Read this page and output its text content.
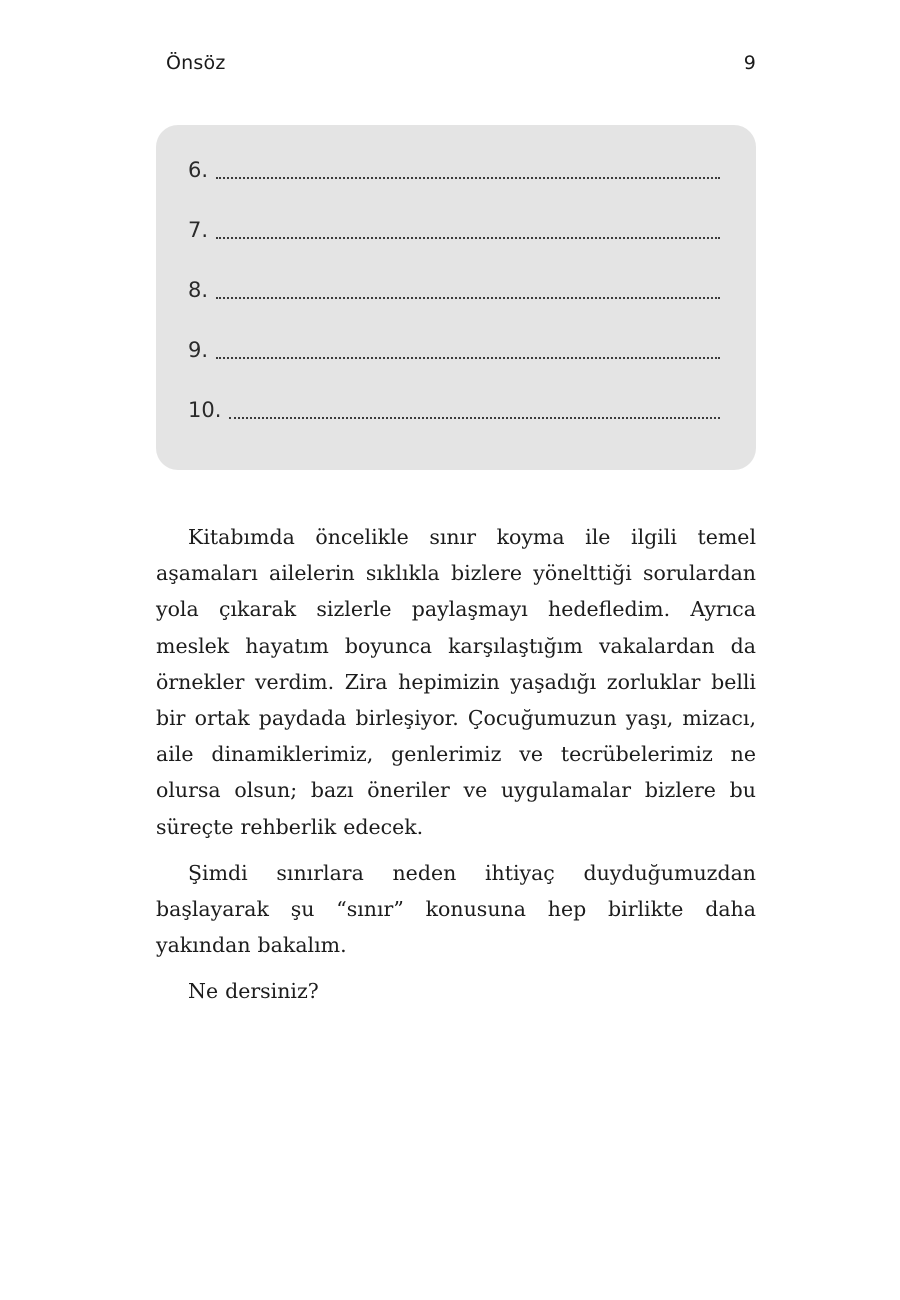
Önsöz	9
6.
7.
8.
9.
10.

Kitabımda öncelikle sınır koyma ile ilgili temel aşamaları ailelerin sıklıkla bizlere yönelttiği sorulardan yola çıkarak sizlerle paylaşmayı hedefledim. Ayrıca meslek hayatım boyunca karşılaştığım vakalardan da örnekler verdim. Zira hepimizin yaşadığı zorluklar belli bir ortak paydada birleşiyor. Çocuğumuzun yaşı, mizacı, aile dinamiklerimiz, genlerimiz ve tecrübelerimiz ne olursa olsun; bazı öneriler ve uygulamalar bizlere bu süreçte rehberlik edecek.

Şimdi sınırlara neden ihtiyaç duyduğumuzdan başlayarak şu “sınır” konusuna hep birlikte daha yakından bakalım.

Ne dersiniz?
